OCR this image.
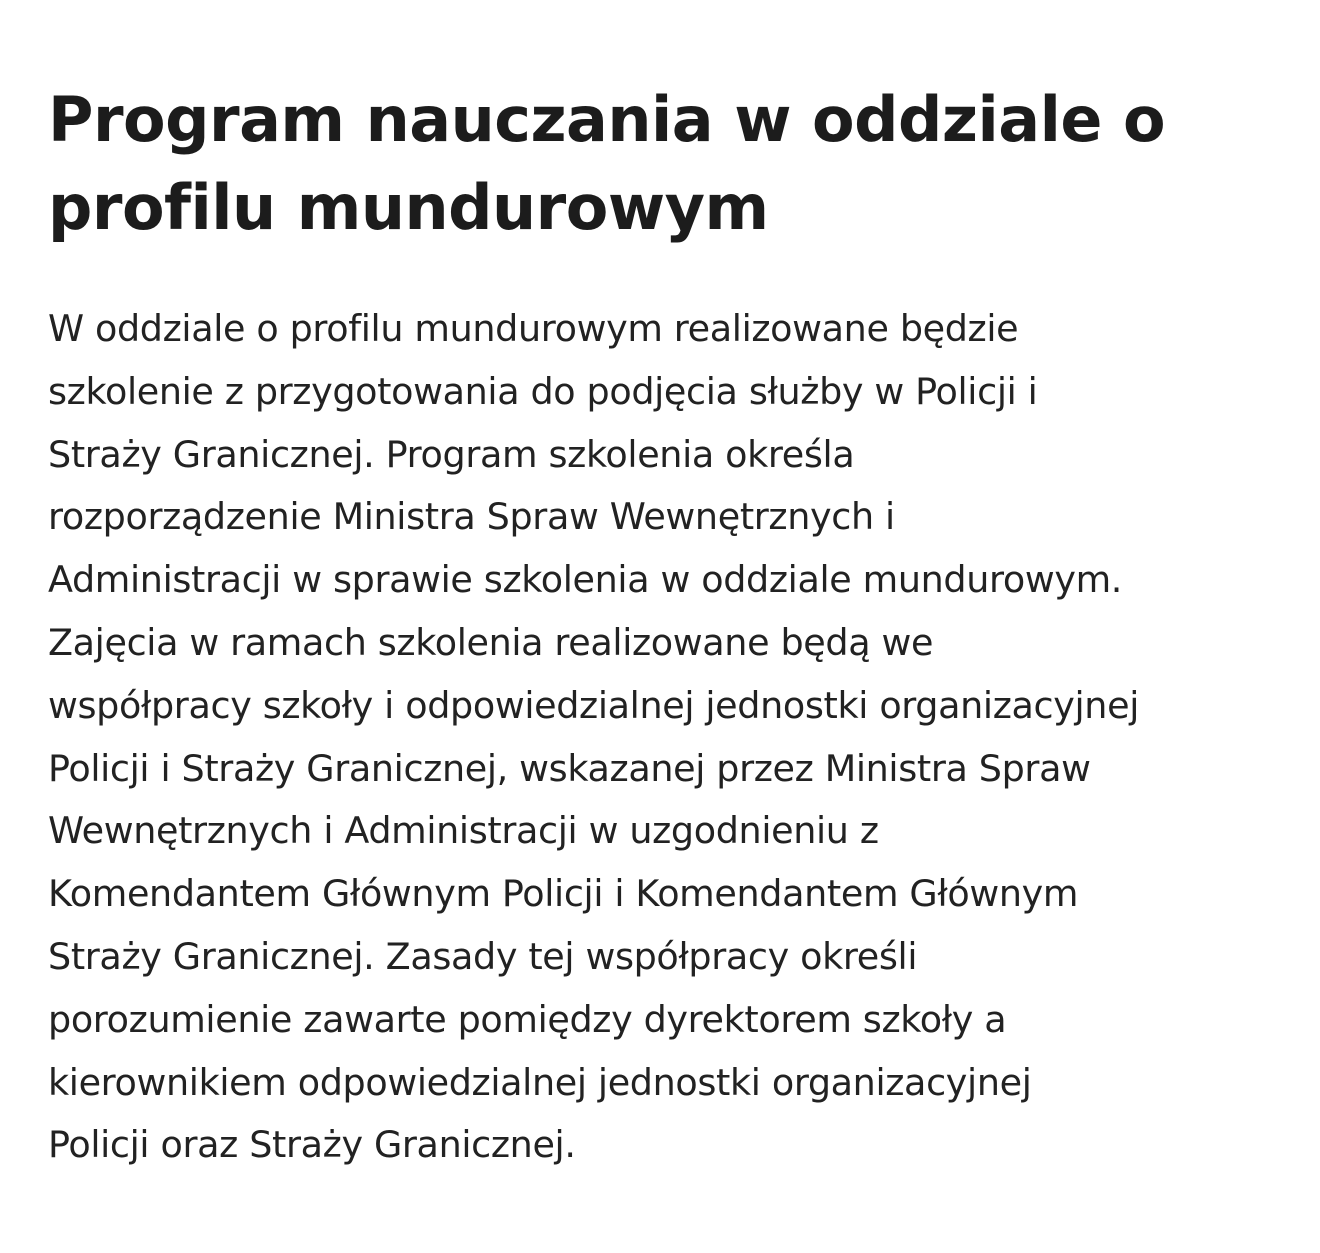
Program nauczania w oddziale o profilu mundurowym

W oddziale o profilu mundurowym realizowane będzie
szkolenie z przygotowania do podjęcia służby w Policji i
Straży Granicznej. Program szkolenia określa
rozporządzenie Ministra Spraw Wewnętrznych i
Administracji w sprawie szkolenia w oddziale mundurowym.
Zajęcia w ramach szkolenia realizowane będą we
współpracy szkoły i odpowiedzialnej jednostki organizacyjnej
Policji i Straży Granicznej, wskazanej przez Ministra Spraw
Wewnętrznych i Administracji w uzgodnieniu z
Komendantem Głównym Policji i Komendantem Głównym
Straży Granicznej. Zasady tej współpracy określi
porozumienie zawarte pomiędzy dyrektorem szkoły a
kierownikiem odpowiedzialnej jednostki organizacyjnej
Policji oraz Straży Granicznej.
